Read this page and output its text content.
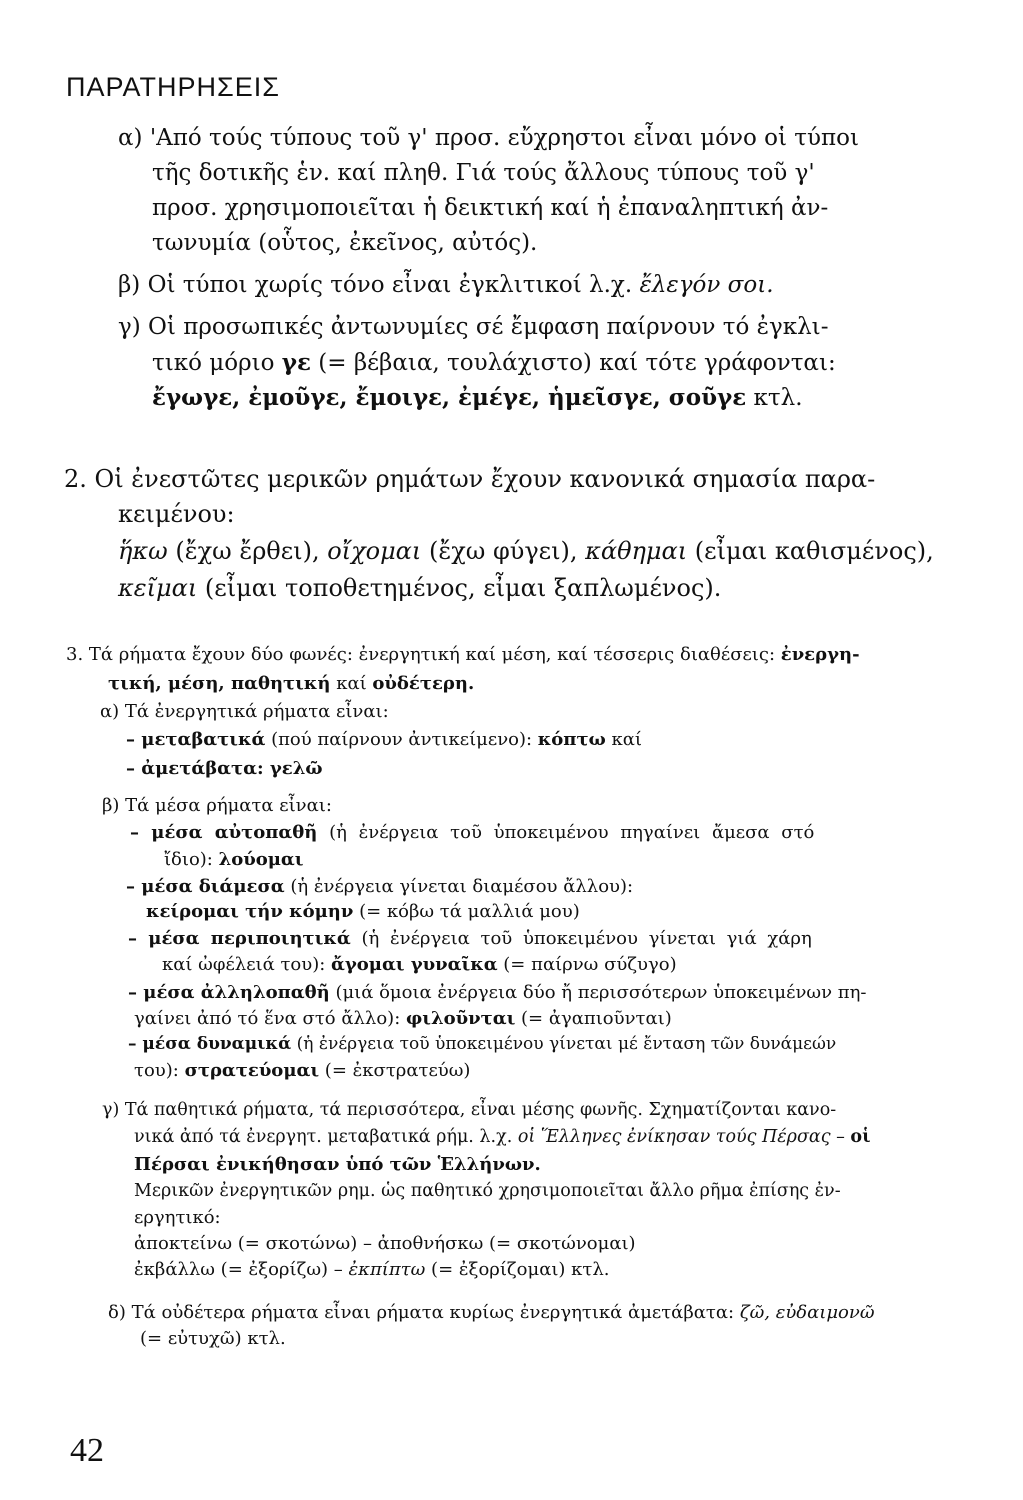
ΠΑΡΑΤΗΡΗΣΕΙΣ
α) 'Από τούς τύπους τοῦ γ' προσ. εὔχρηστοι εἶναι μόνο οἱ τύποι
τῆς δοτικῆς ἑν. καί πληθ. Γιά τούς ἄλλους τύπους τοῦ γ'
προσ. χρησιμοποιεῖται ἡ δεικτική καί ἡ ἐπαναληπτική ἀν-
τωνυμία (οὗτος, ἐκεῖνος, αὐτός).
β) Οἱ τύποι χωρίς τόνο εἶναι ἐγκλιτικοί λ.χ. ἔλεγόν σοι.
γ) Οἱ προσωπικές ἀντωνυμίες σέ ἔμφαση παίρνουν τό ἐγκλι-
τικό μόριο γε (= βέβαια, τουλάχιστο) καί τότε γράφονται:
ἔγωγε, ἐμοῦγε, ἔμοιγε, ἐμέγε, ἡμεῖσγε, σοῦγε κτλ.
2. Οἱ ἐνεστῶτες μερικῶν ρημάτων ἔχουν κανονικά σημασία παρα-
κειμένου:
ἥκω (ἔχω ἔρθει), οἴχομαι (ἔχω φύγει), κάθημαι (εἶμαι καθισμένος),
κεῖμαι (εἶμαι τοποθετημένος, εἶμαι ξαπλωμένος).
3. Τά ρήματα ἔχουν δύο φωνές: ἐνεργητική καί μέση, καί τέσσερις διαθέσεις: ἐνεργη-
τική, μέση, παθητική καί οὐδέτερη.
α) Τά ἐνεργητικά ρήματα εἶναι:
– μεταβατικά (πού παίρνουν ἀντικείμενο): κόπτω καί
– ἀμετάβατα: γελῶ
β) Τά μέσα ρήματα εἶναι:
– μέσα αὐτοπαθῆ (ἡ ἐνέργεια τοῦ ὑποκειμένου πηγαίνει ἄμεσα στό
ἴδιο): λούομαι
– μέσα διάμεσα (ἡ ἐνέργεια γίνεται διαμέσου ἄλλου):
κείρομαι τήν κόμην (= κόβω τά μαλλιά μου)
– μέσα περιποιητικά (ἡ ἐνέργεια τοῦ ὑποκειμένου γίνεται γιά χάρη
καί ὠφέλειά του): ἄγομαι γυναῖκα (= παίρνω σύζυγο)
– μέσα ἀλληλοπαθῆ (μιά ὅμοια ἐνέργεια δύο ἤ περισσότερων ὑποκειμένων πη-
γαίνει ἀπό τό ἕνα στό ἄλλο): φιλοῦνται (= ἀγαπιοῦνται)
– μέσα δυναμικά (ἡ ἐνέργεια τοῦ ὑποκειμένου γίνεται μέ ἔνταση τῶν δυνάμεών
του): στρατεύομαι (= ἐκστρατεύω)
γ) Τά παθητικά ρήματα, τά περισσότερα, εἶναι μέσης φωνῆς. Σχηματίζονται κανο-
νικά ἀπό τά ἐνεργητ. μεταβατικά ρήμ. λ.χ. οἱ Ἕλληνες ἐνίκησαν τούς Πέρσας – οἱ
Πέρσαι ἐνικήθησαν ὑπό τῶν Ἑλλήνων.
Μερικῶν ἐνεργητικῶν ρημ. ὡς παθητικό χρησιμοποιεῖται ἄλλο ρῆμα ἐπίσης ἐν-
εργητικό:
ἀποκτείνω (= σκοτώνω) – ἀποθνήσκω (= σκοτώνομαι)
ἐκβάλλω (= ἐξορίζω) – ἐκπίπτω (= ἐξορίζομαι) κτλ.
δ) Τά οὐδέτερα ρήματα εἶναι ρήματα κυρίως ἐνεργητικά ἀμετάβατα: ζῶ, εὐδαιμονῶ
(= εὐτυχῶ) κτλ.
42
